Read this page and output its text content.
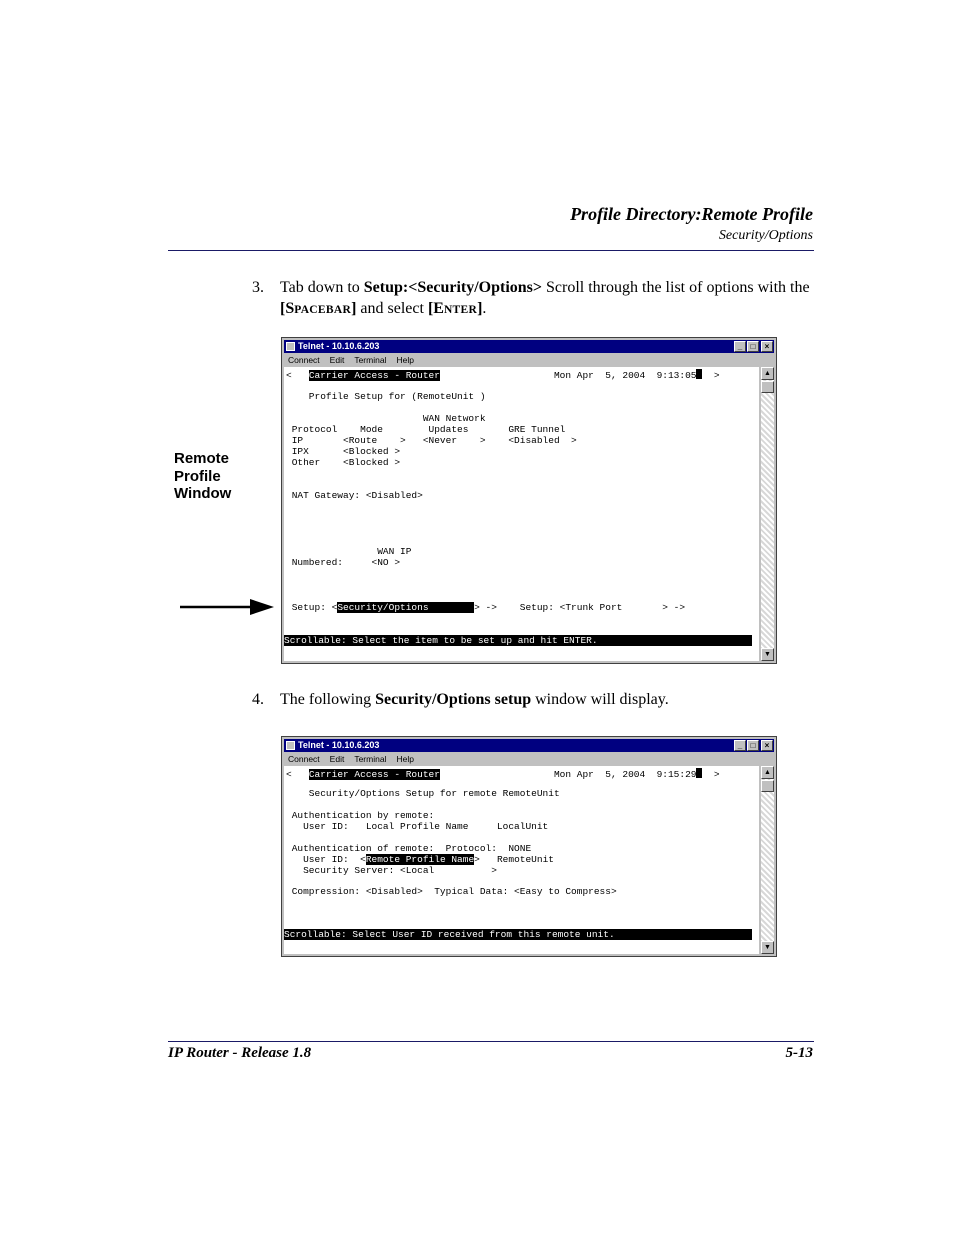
Profile Directory:Remote Profile
Security/Options
3. Tab down to Setup:<Security/Options> Scroll through the list of options with the [SPACEBAR] and select [ENTER].
Remote
Profile
Window
Telnet - 10.10.6.203	_	□	×
Connect Edit Terminal Help

<   Carrier Access - Router                    Mon Apr  5, 2004  9:13:05  >

Profile Setup for (RemoteUnit )

WAN Network

Protocol    Mode        Updates       GRE Tunnel

IP       <Route    >   <Never    >    <Disabled  >

IPX      <Blocked >

Other    <Blocked >

NAT Gateway: <Disabled>

WAN IP

Numbered:     <NO >

Setup: <Security/Options        > ->    Setup: <Trunk Port       > ->

Scrollable: Select the item to be set up and hit ENTER.

▲
▼
4. The following Security/Options setup window will display.
Telnet - 10.10.6.203	_	□	×
Connect Edit Terminal Help

<   Carrier Access - Router                    Mon Apr  5, 2004  9:15:29  >

Security/Options Setup for remote RemoteUnit

Authentication by remote:

User ID:   Local Profile Name     LocalUnit

Authentication of remote:  Protocol:  NONE

User ID:  <Remote Profile Name>   RemoteUnit

Security Server: <Local          >

Compression: <Disabled>  Typical Data: <Easy to Compress>

Scrollable: Select User ID received from this remote unit.

▲
▼
IP Router - Release 1.8	5-13
